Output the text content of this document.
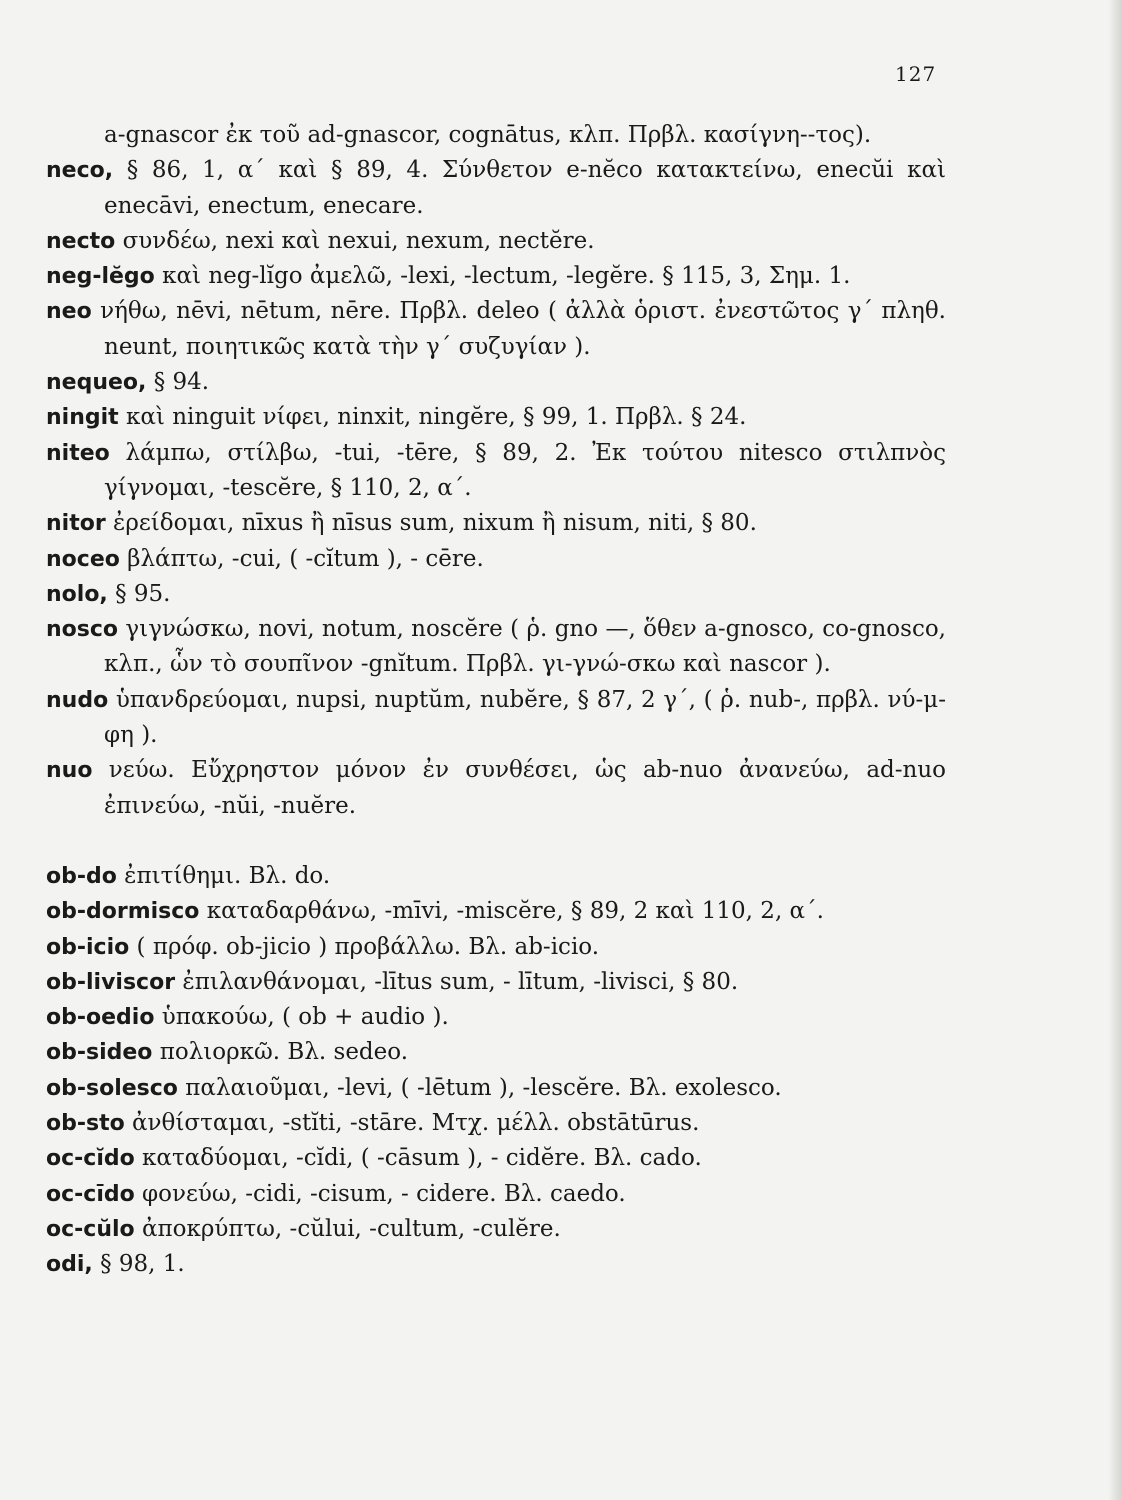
127
a-gnascor ἐκ τοῦ ad-gnascor, cognātus, κλπ. Πρβλ. κασίγνη--τος).
neco, § 86, 1, α΄ καὶ § 89, 4. Σύνθετον e-nĕco κατακτείνω, enecŭi καὶ enecāvi, enectum, enecare.
necto συνδέω, nexi καὶ nexui, nexum, nectĕre.
neg-lĕgo καὶ neg-lĭgo ἀμελῶ, -lexi, -lectum, -legĕre. § 115, 3, Σημ. 1.
neo νήθω, nēvi, nētum, nēre. Πρβλ. deleo ( ἀλλὰ ὁριστ. ἐνεστῶτος γ΄ πληθ. neunt, ποιητικῶς κατὰ τὴν γ΄ συζυγίαν ).
nequeo, § 94.
ningit καὶ ninguit νίφει, ninxit, ningĕre, § 99, 1. Πρβλ. § 24.
niteo λάμπω, στίλβω, -tui, -tēre, § 89, 2. Ἐκ τούτου nitesco στιλπνὸς γίγνομαι, -tescĕre, § 110, 2, α΄.
nitor ἐρείδομαι, nīxus ἢ nīsus sum, nixum ἢ nisum, niti, § 80.
noceo βλάπτω, -cui, ( -cĭtum ), - cēre.
nolo, § 95.
nosco γιγνώσκω, novi, notum, noscĕre ( ῥ. gno —, ὅθεν a-gnosco, co-gnosco, κλπ., ὧν τὸ σουπῖνον -gnĭtum. Πρβλ. γι-γνώ-σκω καὶ nascor ).
nudo ὑπανδρεύομαι, nupsi, nuptŭm, nubĕre, § 87, 2 γ΄, ( ῥ. nub-, πρβλ. νύ-μ-φη ).
nuo νεύω. Εὔχρηστον μόνον ἐν συνθέσει, ὡς ab-nuo ἀνανεύω, ad-nuo ἐπινεύω, -nŭi, -nuĕre.
ob-do ἐπιτίθημι. Βλ. do.
ob-dormisco καταδαρθάνω, -mīvi, -miscĕre, § 89, 2 καὶ 110, 2, α΄.
ob-icio ( πρόφ. ob-jicio ) προβάλλω. Βλ. ab-icio.
ob-liviscor ἐπιλανθάνομαι, -lītus sum, - lītum, -livisci, § 80.
ob-oedio ὑπακούω, ( ob + audio ).
ob-sideo πολιορκῶ. Βλ. sedeo.
ob-solesco παλαιοῦμαι, -levi, ( -lētum ), -lescĕre. Βλ. exolesco.
ob-sto ἀνθίσταμαι, -stĭti, -stāre. Μτχ. μέλλ. obstātūrus.
oc-cĭdo καταδύομαι, -cĭdi, ( -cāsum ), - cidĕre. Βλ. cado.
oc-cīdo φονεύω, -cidi, -cisum, - cidere. Βλ. caedo.
oc-cŭlo ἀποκρύπτω, -cŭlui, -cultum, -culĕre.
odi, § 98, 1.
